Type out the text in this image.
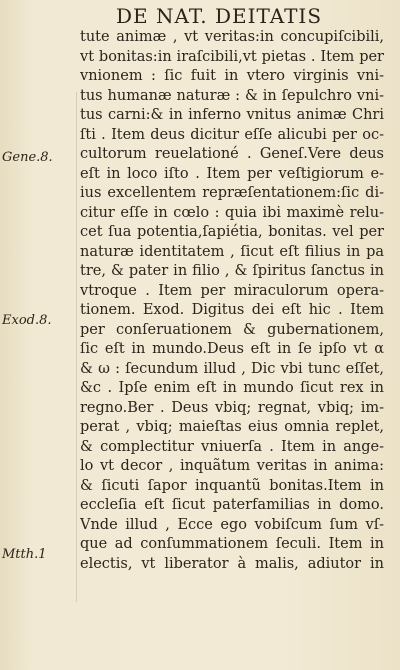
DE NAT. DEITATIS
Gene.8.
Exod.8.
Mtth.1
tute animæ , vt veritas:in concupiſcibili,
vt bonitas:in iraſcibili,vt pietas . Item per
vnionem : ſic fuit in vtero virginis vni-
tus humanæ naturæ : & in ſepulchro vni-
tus carni:& in inferno vnitus animæ Chri
ſti . Item deus dicitur eſſe alicubi per oc-
cultorum reuelationé . Geneſ.Vere deus
eſt in loco iſto . Item per veſtigiorum e-
ius excellentem repræſentationem:ſic di-
citur eſſe in cœlo : quia ibi maximè relu-
cet ſua potentia,ſapiétia, bonitas. vel per
naturæ identitatem , ſicut eſt filius in pa
tre, & pater in filio , & ſpiritus ſanctus in
vtroque . Item per miraculorum opera-
tionem. Exod. Digitus dei eſt hic . Item
per conſeruationem & gubernationem,
ſic eſt in mundo.Deus eſt in ſe ipſo vt α
& ω : ſecundum illud , Dic vbi tunc eſſet,
&c . Ipſe enim eſt in mundo ſicut rex in
regno.Ber . Deus vbiq; regnat, vbiq; im-
perat , vbiq; maieſtas eius omnia replet,
& complectitur vniuerſa . Item in ange-
lo vt decor , inquãtum veritas in anima:
& ſicuti ſapor inquantũ bonitas.Item in
eccleſia eſt ſicut paterfamilias in domo.
Vnde illud , Ecce ego vobiſcum ſum vſ-
que ad conſummationem ſeculi. Item in
electis, vt liberator à malis, adiutor in
